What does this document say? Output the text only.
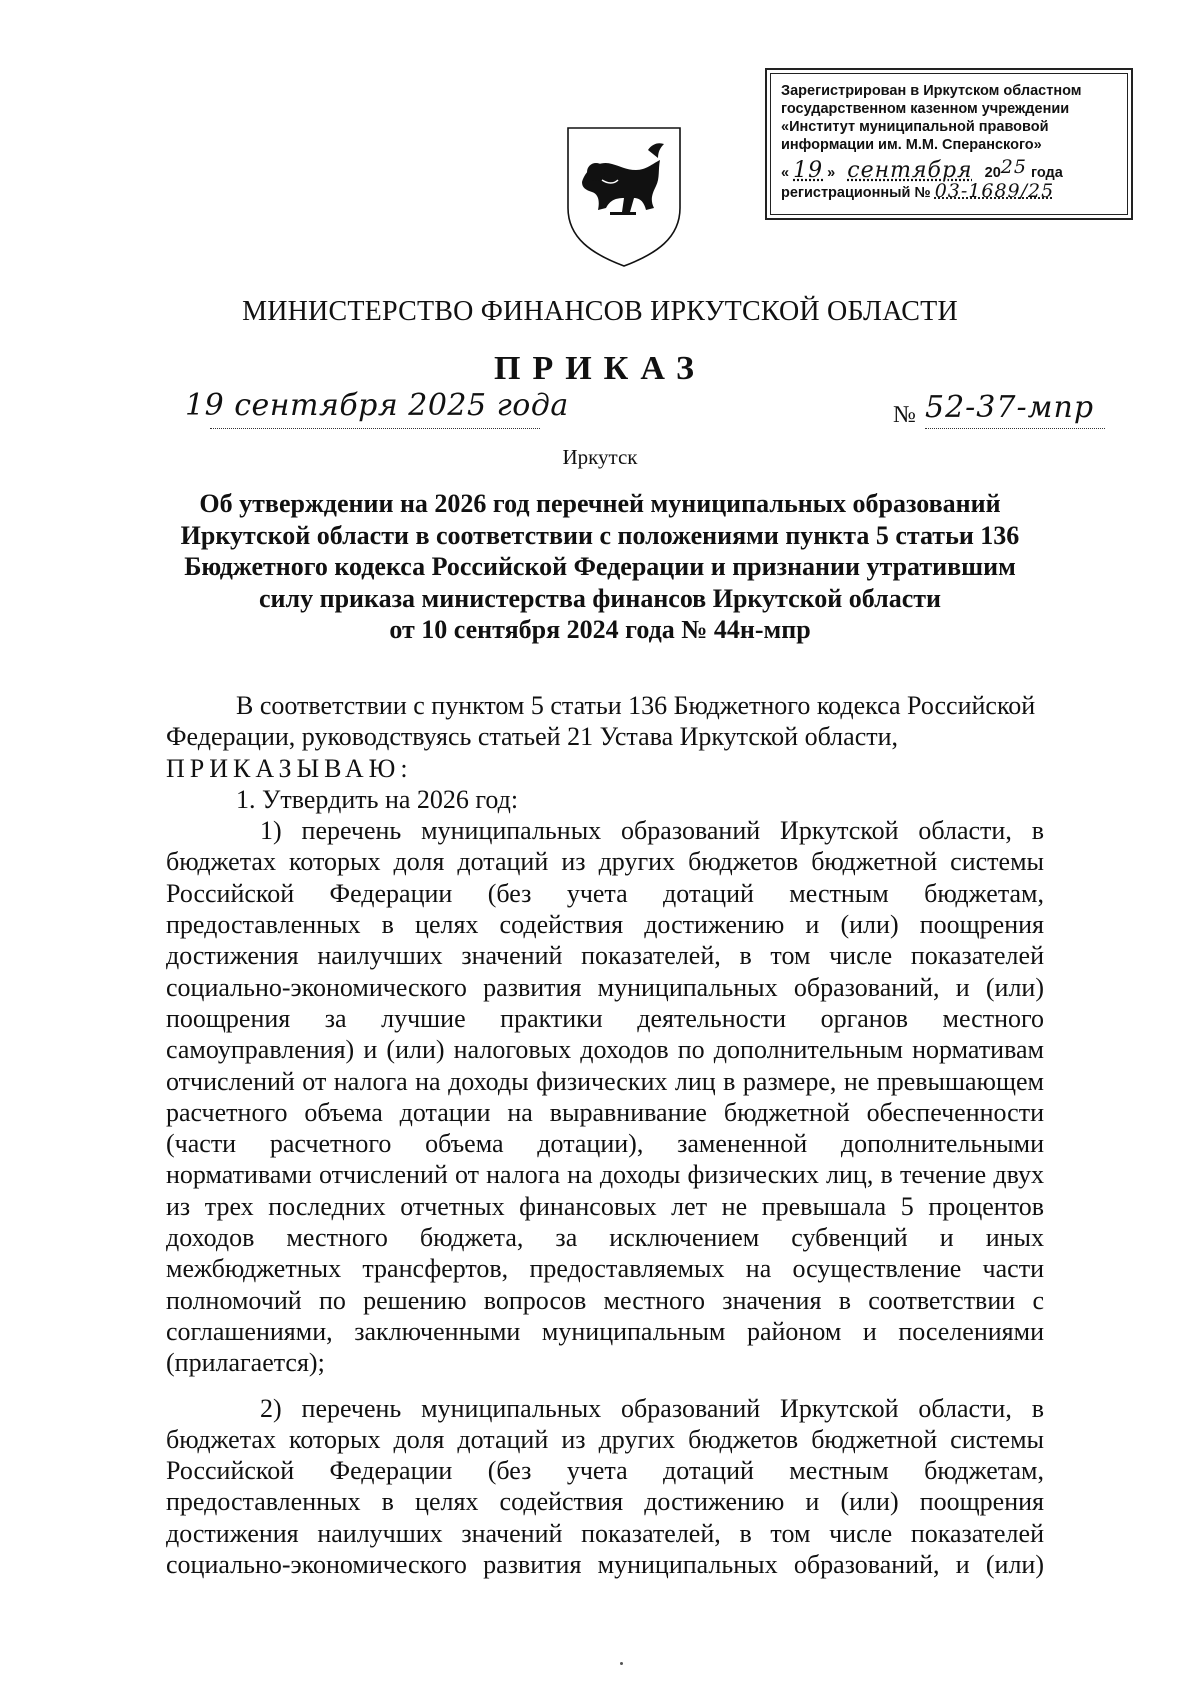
Зарегистрирован в Иркутском областном
государственном казенном учреждении
«Институт муниципальной правовой
информации им. М.М. Сперанского»
« 19 » сентября 2025 года
регистрационный № 03-1689/25
МИНИСТЕРСТВО ФИНАНСОВ ИРКУТСКОЙ ОБЛАСТИ
ПРИКАЗ
19 сентября 2025 года	№ 52-37-мпр
Иркутск
Об утверждении на 2026 год перечней муниципальных образований
Иркутской области в соответствии с положениями пункта 5 статьи 136
Бюджетного кодекса Российской Федерации и признании утратившим
силу приказа министерства финансов Иркутской области
от 10 сентября 2024 года № 44н-мпр
В соответствии с пунктом 5 статьи 136 Бюджетного кодекса Российской
Федерации, руководствуясь статьей 21 Устава Иркутской области,
ПРИКАЗЫВАЮ:
1. Утвердить на 2026 год:
1) перечень муниципальных образований Иркутской области, в
бюджетах которых доля дотаций из других бюджетов бюджетной системы
Российской Федерации (без учета дотаций местным бюджетам,
предоставленных в целях содействия достижению и (или) поощрения
достижения наилучших значений показателей, в том числе показателей
социально-экономического развития муниципальных образований, и (или)
поощрения за лучшие практики деятельности органов местного
самоуправления) и (или) налоговых доходов по дополнительным нормативам
отчислений от налога на доходы физических лиц в размере, не превышающем
расчетного объема дотации на выравнивание бюджетной обеспеченности
(части расчетного объема дотации), замененной дополнительными
нормативами отчислений от налога на доходы физических лиц, в течение двух
из трех последних отчетных финансовых лет не превышала 5 процентов
доходов местного бюджета, за исключением субвенций и иных
межбюджетных трансфертов, предоставляемых на осуществление части
полномочий по решению вопросов местного значения в соответствии с
соглашениями, заключенными муниципальным районом и поселениями
(прилагается);
2) перечень муниципальных образований Иркутской области, в
бюджетах которых доля дотаций из других бюджетов бюджетной системы
Российской Федерации (без учета дотаций местным бюджетам,
предоставленных в целях содействия достижению и (или) поощрения
достижения наилучших значений показателей, в том числе показателей
социально-экономического развития муниципальных образований, и (или)
